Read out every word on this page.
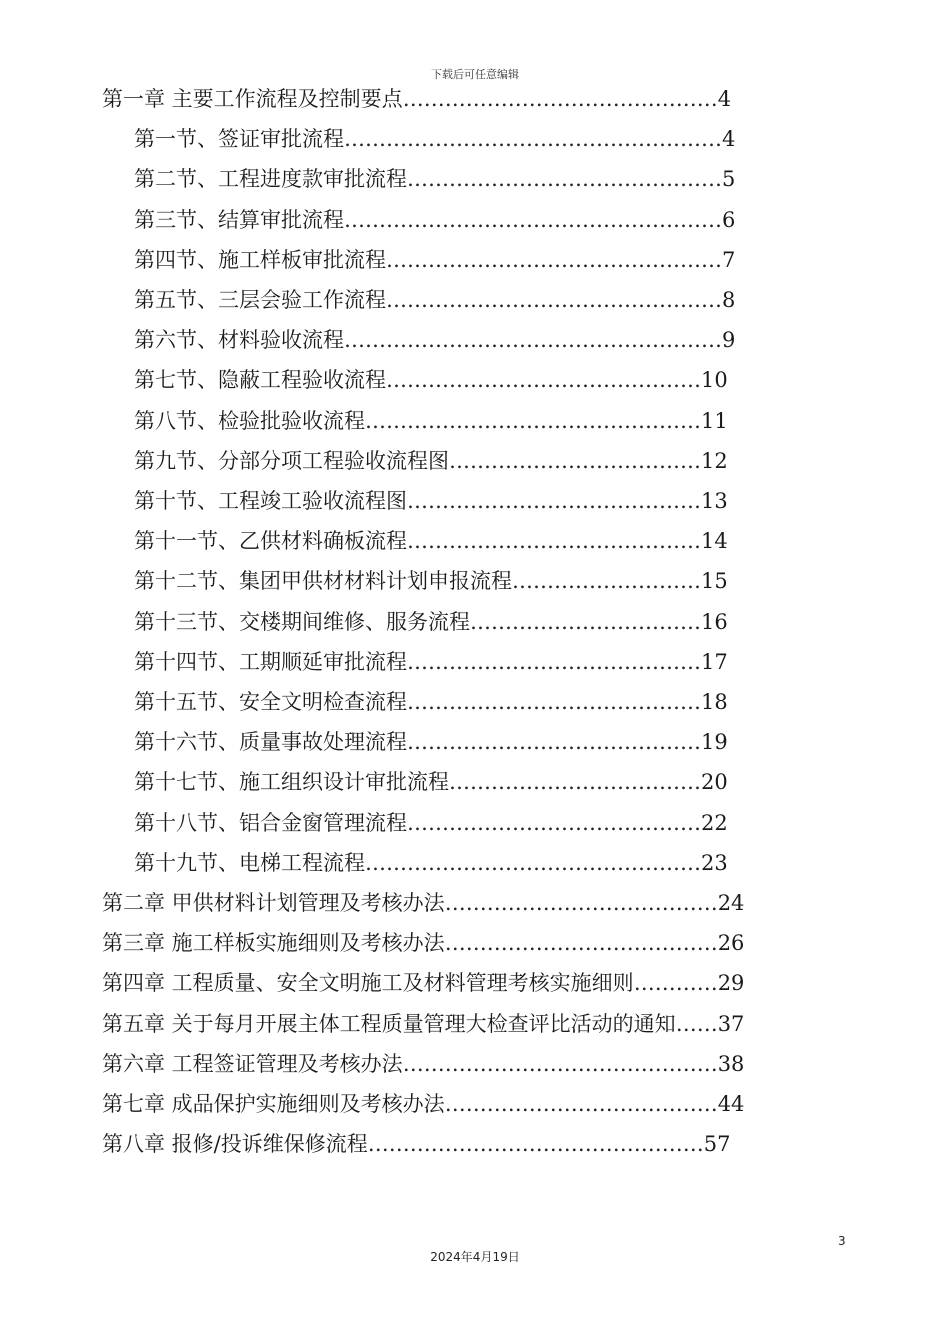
下载后可任意编辑
第一章 主要工作流程及控制要点………………………………………4
第一节、签证审批流程………………………………………………4
第二节、工程进度款审批流程………………………………………5
第三节、结算审批流程………………………………………………6
第四节、施工样板审批流程…………………………………………7
第五节、三层会验工作流程…………………………………………8
第六节、材料验收流程………………………………………………9
第七节、隐蔽工程验收流程………………………………………10
第八节、检验批验收流程…………………………………………11
第九节、分部分项工程验收流程图………………………………12
第十节、工程竣工验收流程图……………………………………13
第十一节、乙供材料确板流程……………………………………14
第十二节、集团甲供材材料计划申报流程………………………15
第十三节、交楼期间维修、服务流程……………………………16
第十四节、工期顺延审批流程……………………………………17
第十五节、安全文明检查流程……………………………………18
第十六节、质量事故处理流程……………………………………19
第十七节、施工组织设计审批流程………………………………20
第十八节、铝合金窗管理流程……………………………………22
第十九节、电梯工程流程…………………………………………23
第二章 甲供材料计划管理及考核办法…………………………………24
第三章 施工样板实施细则及考核办法…………………………………26
第四章 工程质量、安全文明施工及材料管理考核实施细则…………29
第五章 关于每月开展主体工程质量管理大检查评比活动的通知……37
第六章 工程签证管理及考核办法………………………………………38
第七章 成品保护实施细则及考核办法…………………………………44
第八章 报修/投诉维保修流程…………………………………………57
3
2024年4月19日
